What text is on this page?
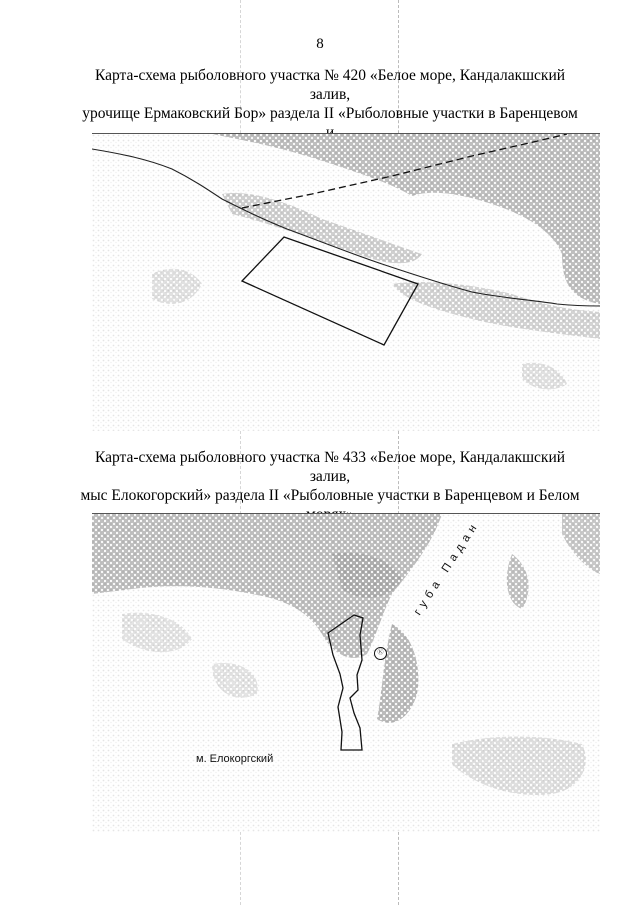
8
Карта-схема рыболовного участка № 420 «Белое море, Кандалакшский залив,
урочище Ермаковский Бор» раздела II «Рыболовные участки в Баренцевом
Карта-схема рыболовного участка № 433 «Белое море, Кандалакшский залив,
мыс Елокогорский» раздела II «Рыболовные участки в Баренцевом и Белом
Ⓚ
м. Елокоргский
губа Падан
